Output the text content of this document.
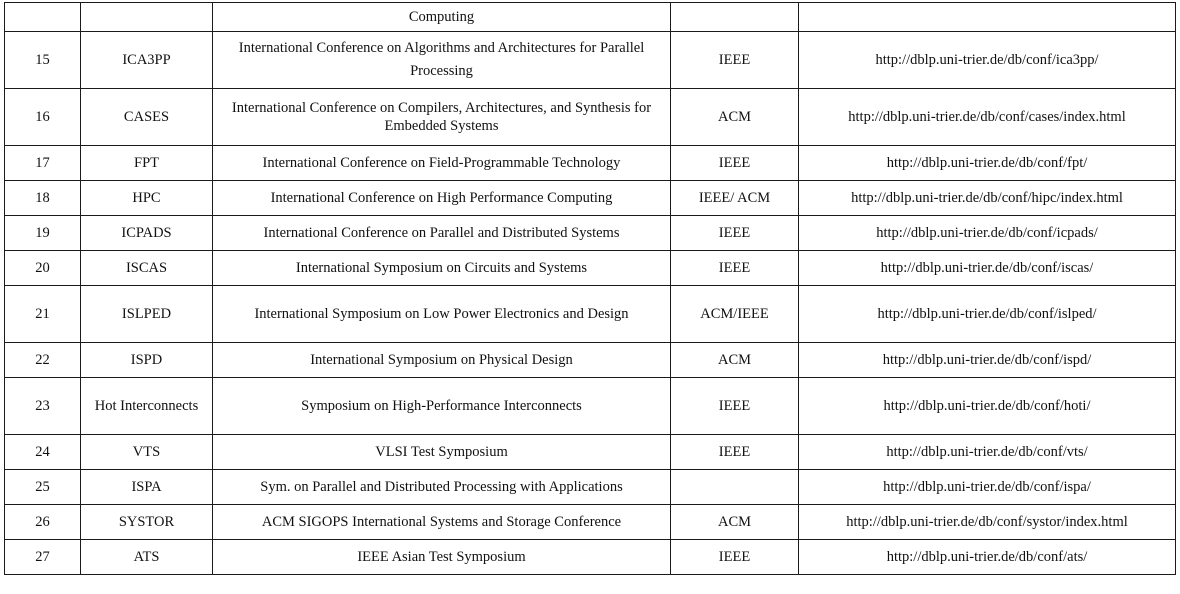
		Computing		
15	ICA3PP	International Conference on Algorithms and Architectures for Parallel Processing	IEEE	http://dblp.uni-trier.de/db/conf/ica3pp/
16	CASES	International Conference on Compilers, Architectures, and Synthesis for Embedded Systems	ACM	http://dblp.uni-trier.de/db/conf/cases/index.html
17	FPT	International Conference on Field-Programmable Technology	IEEE	http://dblp.uni-trier.de/db/conf/fpt/
18	HPC	International Conference on High Performance Computing	IEEE/ ACM	http://dblp.uni-trier.de/db/conf/hipc/index.html
19	ICPADS	International Conference on Parallel and Distributed Systems	IEEE	http://dblp.uni-trier.de/db/conf/icpads/
20	ISCAS	International Symposium on Circuits and Systems	IEEE	http://dblp.uni-trier.de/db/conf/iscas/
21	ISLPED	International Symposium on Low Power Electronics and Design	ACM/IEEE	http://dblp.uni-trier.de/db/conf/islped/
22	ISPD	International Symposium on Physical Design	ACM	http://dblp.uni-trier.de/db/conf/ispd/
23	Hot Interconnects	Symposium on High-Performance Interconnects	IEEE	http://dblp.uni-trier.de/db/conf/hoti/
24	VTS	VLSI Test Symposium	IEEE	http://dblp.uni-trier.de/db/conf/vts/
25	ISPA	Sym. on Parallel and Distributed Processing with Applications		http://dblp.uni-trier.de/db/conf/ispa/
26	SYSTOR	ACM SIGOPS International Systems and Storage Conference	ACM	http://dblp.uni-trier.de/db/conf/systor/index.html
27	ATS	IEEE Asian Test Symposium	IEEE	http://dblp.uni-trier.de/db/conf/ats/
